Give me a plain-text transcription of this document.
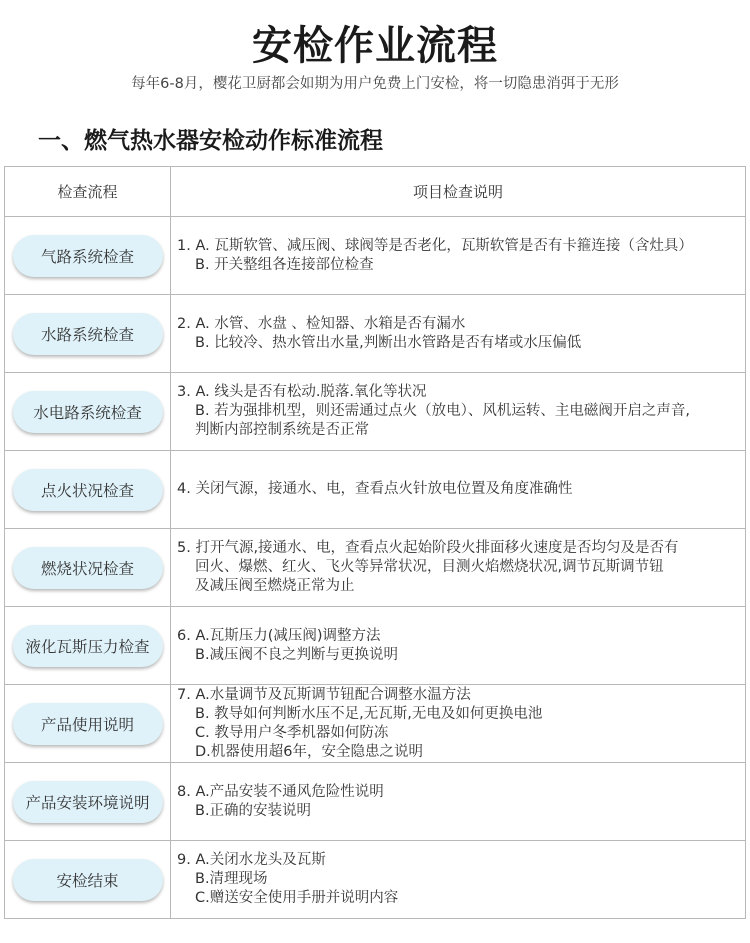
安检作业流程
每年6-8月，樱花卫厨都会如期为用户免费上门安检，将一切隐患消弭于无形
一、燃气热水器安检动作标准流程
检查流程	项目检查说明

气路系统检查	1. A. 瓦斯软管、减压阀、球阀等是否老化，瓦斯软管是否有卡箍连接（含灶具）
B. 开关整组各连接部位检查

水路系统检查	2. A. 水管、水盘 、检知器、水箱是否有漏水
B. 比较冷、热水管出水量,判断出水管路是否有堵或水压偏低

水电路系统检查	3. A. 线头是否有松动.脱落.氧化等状况
B. 若为强排机型，则还需通过点火（放电）、风机运转、主电磁阀开启之声音,
判断内部控制系统是否正常

点火状况检查	4. 关闭气源，接通水、电，查看点火针放电位置及角度准确性

燃烧状况检查	5. 打开气源,接通水、电，查看点火起始阶段火排面移火速度是否均匀及是否有
回火、爆燃、红火、飞火等异常状况，目测火焰燃烧状况,调节瓦斯调节钮
及减压阀至燃烧正常为止

液化瓦斯压力检查	6. A.瓦斯压力(减压阀)调整方法
B.减压阀不良之判断与更换说明

产品使用说明	7. A.水量调节及瓦斯调节钮配合调整水温方法
B. 教导如何判断水压不足,无瓦斯,无电及如何更换电池
C. 教导用户冬季机器如何防冻
D.机器使用超6年，安全隐患之说明

产品安装环境说明	8. A.产品安装不通风危险性说明
B.正确的安装说明

安检结束	9. A.关闭水龙头及瓦斯
B.清理现场
C.赠送安全使用手册并说明内容
